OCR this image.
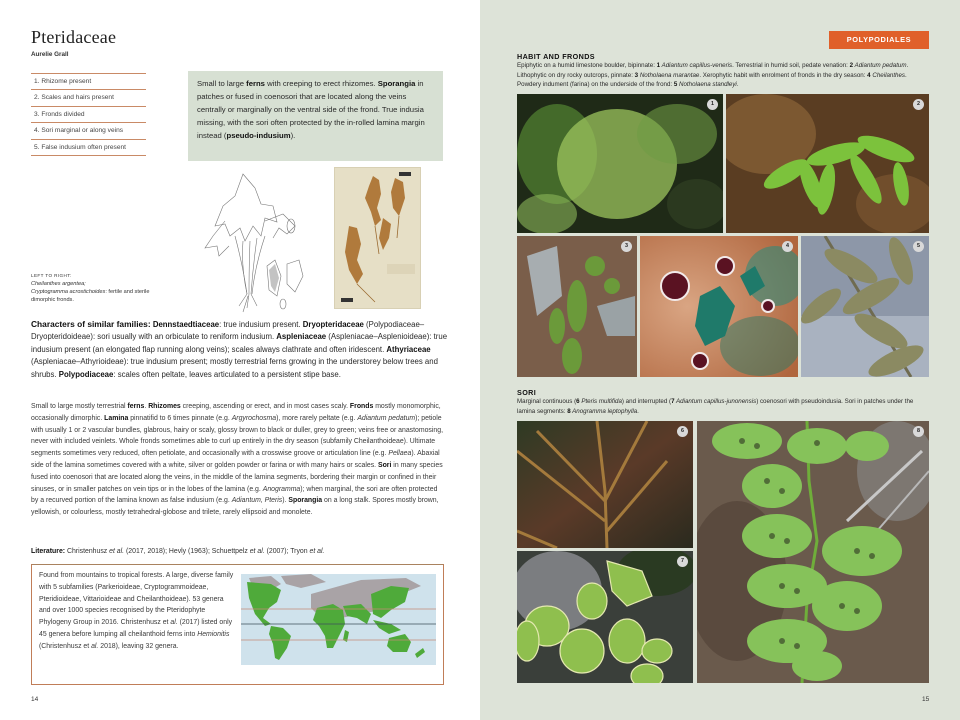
Pteridaceae
Aurelie Grall
1. Rhizome present
2. Scales and hairs present
3. Fronds divided
4. Sori marginal or along veins
5. False indusium often present
Small to large ferns with creeping to erect rhizomes. Sporangia in patches or fused in coenosori that are located along the veins centrally or marginally on the ventral side of the frond. True indusia missing, with the sori often protected by the in-rolled lamina margin instead (pseudo-indusium).
LEFT TO RIGHT:
Cheilanthes argentea;
Cryptogramma acrostichoides: fertile and sterile dimorphic fronds.
Characters of similar families: Dennstaedtiaceae: true indusium present. Dryopteridaceae (Polypodiaceae–Dryopteridoideae): sori usually with an orbiculate to reniform indusium. Aspleniaceae (Aspleniacae–Asplenioideae): true indusium present (an elongated flap running along veins); scales always clathrate and often iridescent. Athyriaceae (Aspleniacae–Athyrioideae): true indusium present; mostly terrestrial ferns growing in the understorey below trees and shrubs. Polypodiaceae: scales often peltate, leaves articulated to a persistent stipe base.
Small to large mostly terrestrial ferns. Rhizomes creeping, ascending or erect, and in most cases scaly. Fronds mostly monomorphic, occasionally dimorphic. Lamina pinnatifid to 6 times pinnate (e.g. Argyrochosma), more rarely peltate (e.g. Adiantum pedatum); petiole with usually 1 or 2 vascular bundles, glabrous, hairy or scaly, glossy brown to black or duller, grey to green; veins free or anastomosing, never with included veinlets. Whole fronds sometimes able to curl up entirely in the dry season (subfamily Cheilanthoideae). Ultimate segments sometimes very reduced, often petiolate, and occasionally with a crosswise groove or articulation line (e.g. Pellaea). Abaxial side of the lamina sometimes covered with a white, silver or golden powder or farina or with many hairs or scales. Sori in many species fused into coenosori that are located along the veins, in the middle of the lamina segments, bordering their margin or confined in their sinuses, or in smaller patches on vein tips or in the lobes of the lamina (e.g. Anogramma); when marginal, the sori are often protected by a recurved portion of the lamina known as false indusium (e.g. Adiantum, Pteris). Sporangia on a long stalk. Spores mostly brown, yellowish, or colourless, mostly tetrahedral-globose and trilete, rarely ellipsoid and monolete.
Literature: Christenhusz et al. (2017, 2018); Hevly (1963); Schuettpelz et al. (2007); Tryon et al.
Found from mountains to tropical forests. A large, diverse family with 5 subfamilies (Parkerioideae, Cryptogrammoideae, Pteridioideae, Vittarioideae and Cheilanthoideae). 53 genera and over 1000 species recognised by the Pteridophyte Phylogeny Group in 2016. Christenhusz et al. (2017) listed only 45 genera before lumping all cheilanthoid ferns into Hemionitis (Christenhusz et al. 2018), leaving 32 genera.
14
POLYPODIALES
HABIT AND FRONDS
Epiphytic on a humid limestone boulder, bipinnate: 1 Adiantum capillus-veneris. Terrestrial in humid soil, pedate venation: 2 Adiantum pedatum. Lithophytic on dry rocky outcrops, pinnate: 3 Notholaena marantae. Xerophytic habit with enrolment of fronds in the dry season: 4 Cheilanthes. Powdery indument (farina) on the underside of the frond: 5 Notholaena standleyi.
1	2
3	4	5
SORI
Marginal continuous (6 Pteris multifida) and interrupted (7 Adiantum capillus-junonensis) coenosori with pseudoindusia. Sori in patches under the lamina segments: 8 Anogramma leptophylla.
6
7
8
15
